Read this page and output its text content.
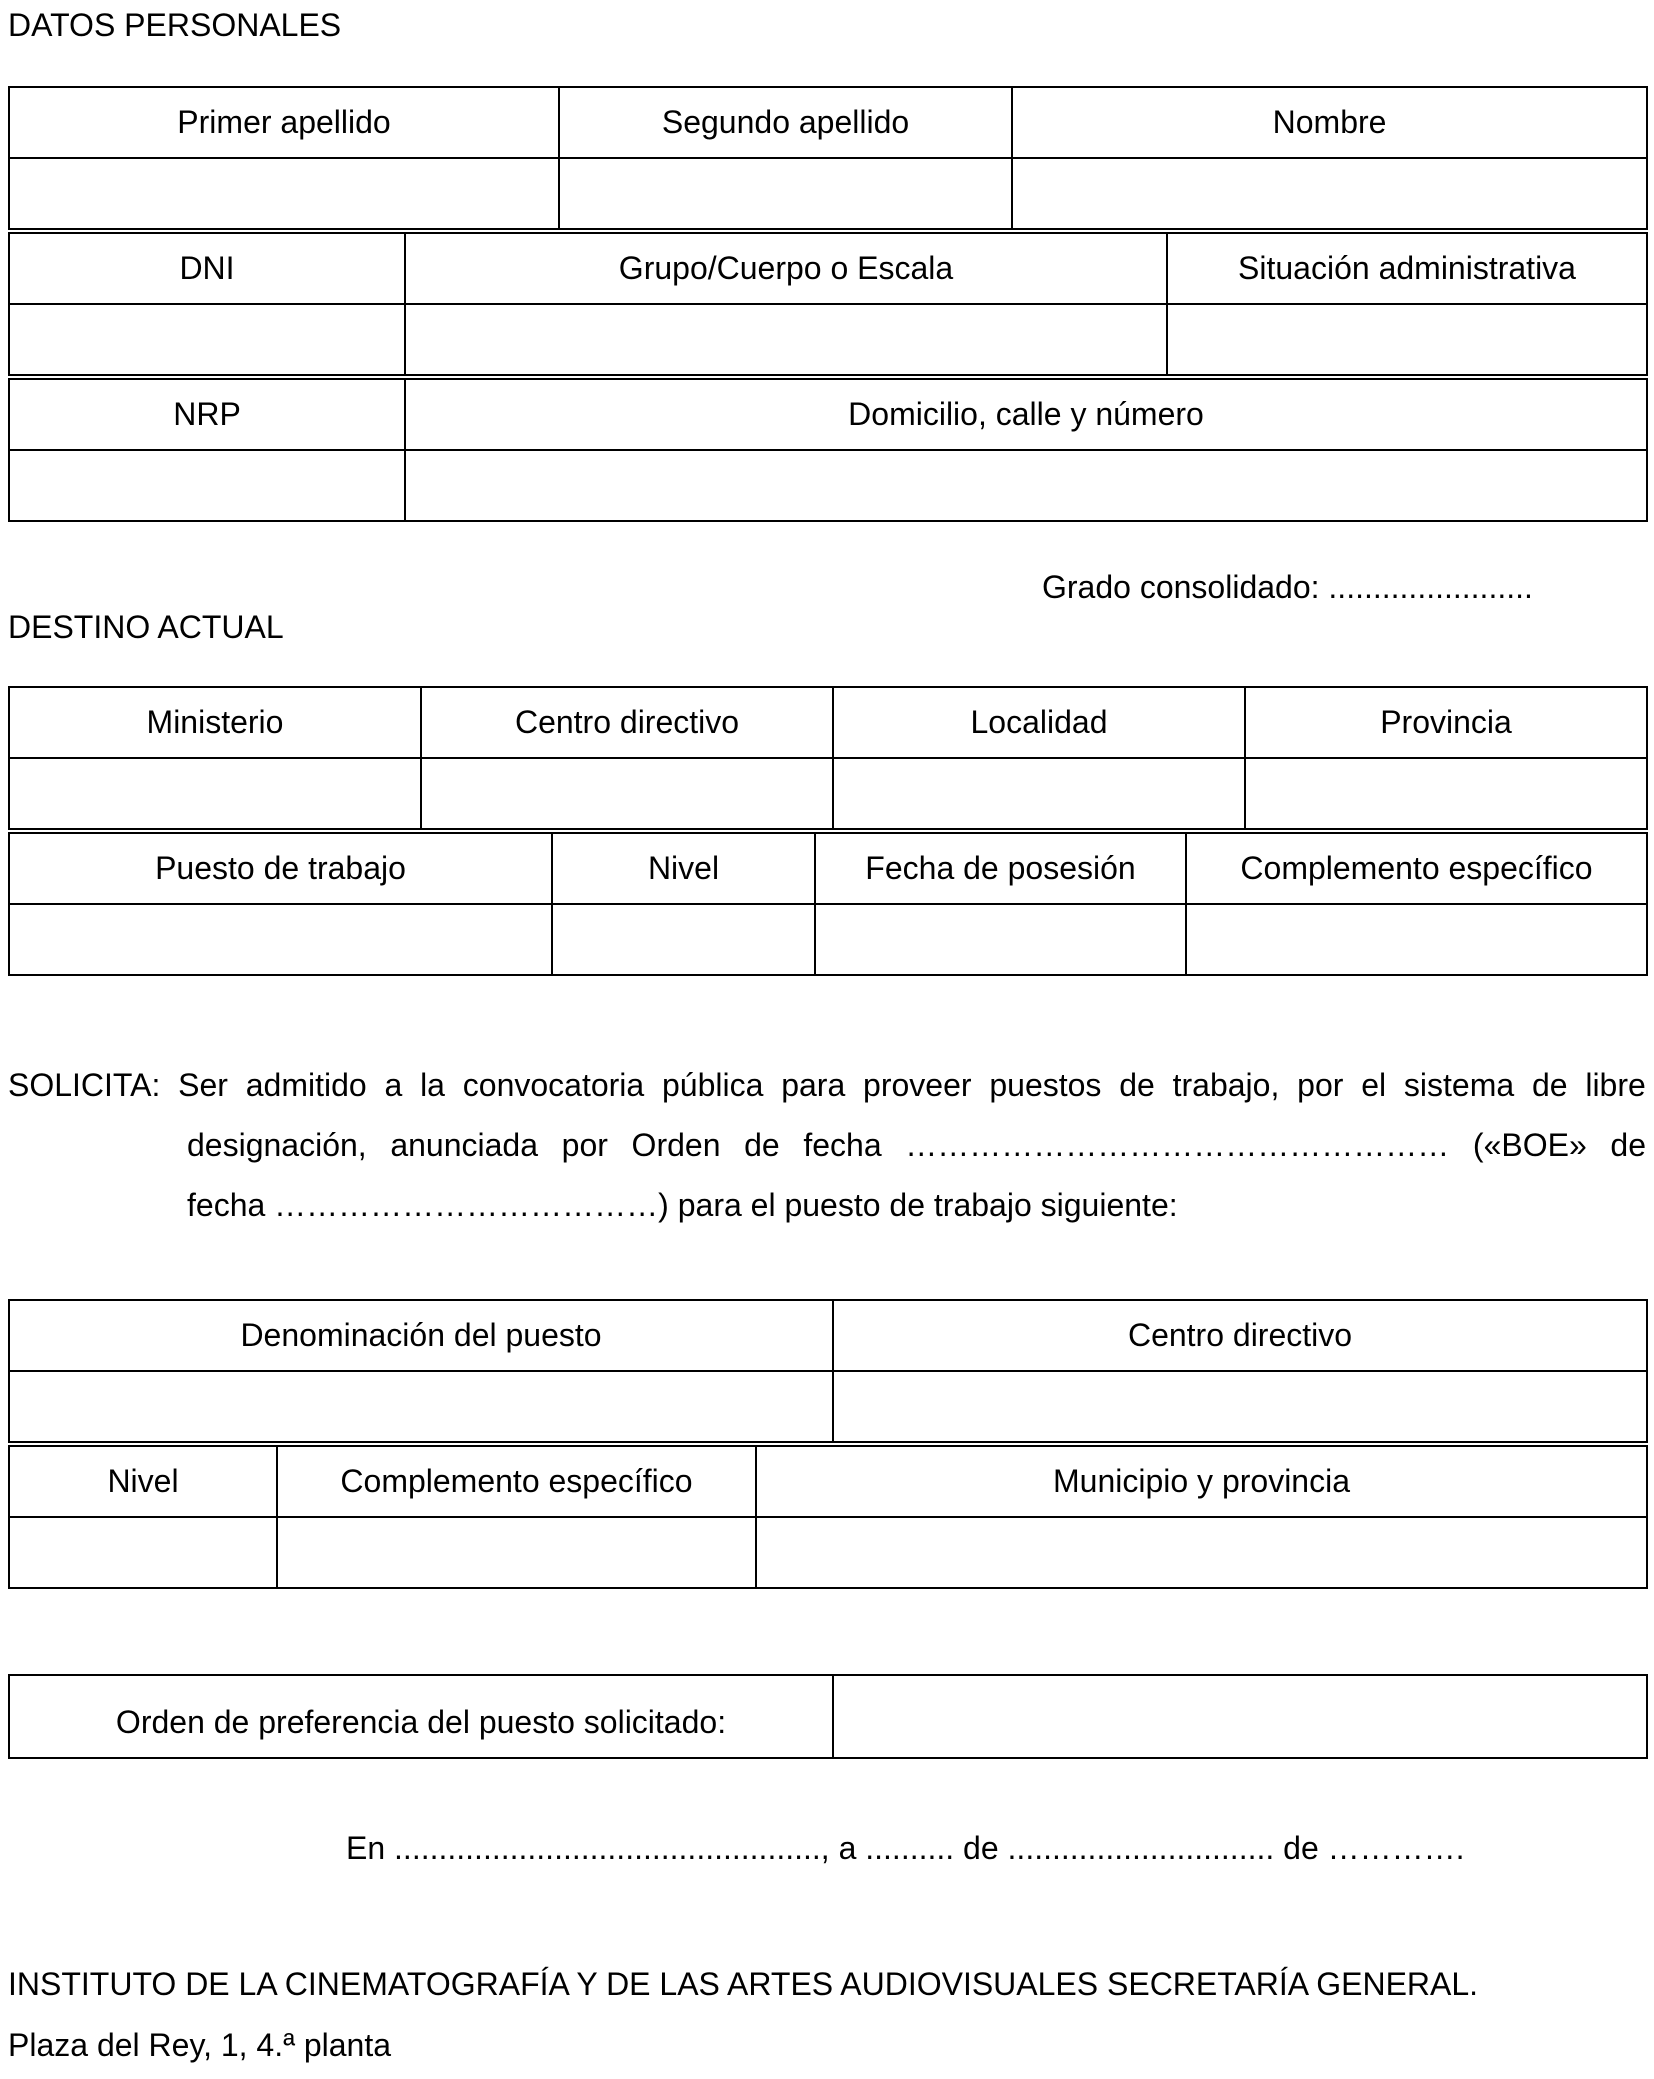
DATOS PERSONALES
Primer apellido	Segundo apellido	Nombre

DNI	Grupo/Cuerpo o Escala	Situación administrativa

NRP	Domicilio, calle y número

Grado consolidado: .......................
DESTINO ACTUAL
Ministerio	Centro directivo	Localidad	Provincia

Puesto de trabajo	Nivel	Fecha de posesión	Complemento específico

SOLICITA: Ser admitido a la convocatoria pública para proveer puestos de trabajo, por el sistema de libre
designación, anunciada por Orden de fecha …………………………………………… («BOE» de
fecha ………………………………) para el puesto de trabajo siguiente:
Denominación del puesto	Centro directivo

Nivel	Complemento específico	Municipio y provincia

Orden de preferencia del puesto solicitado:	
En ................................................, a .......... de .............................. de ………….
INSTITUTO DE LA CINEMATOGRAFÍA Y DE LAS ARTES AUDIOVISUALES SECRETARÍA GENERAL.
Plaza del Rey, 1, 4.ª planta
